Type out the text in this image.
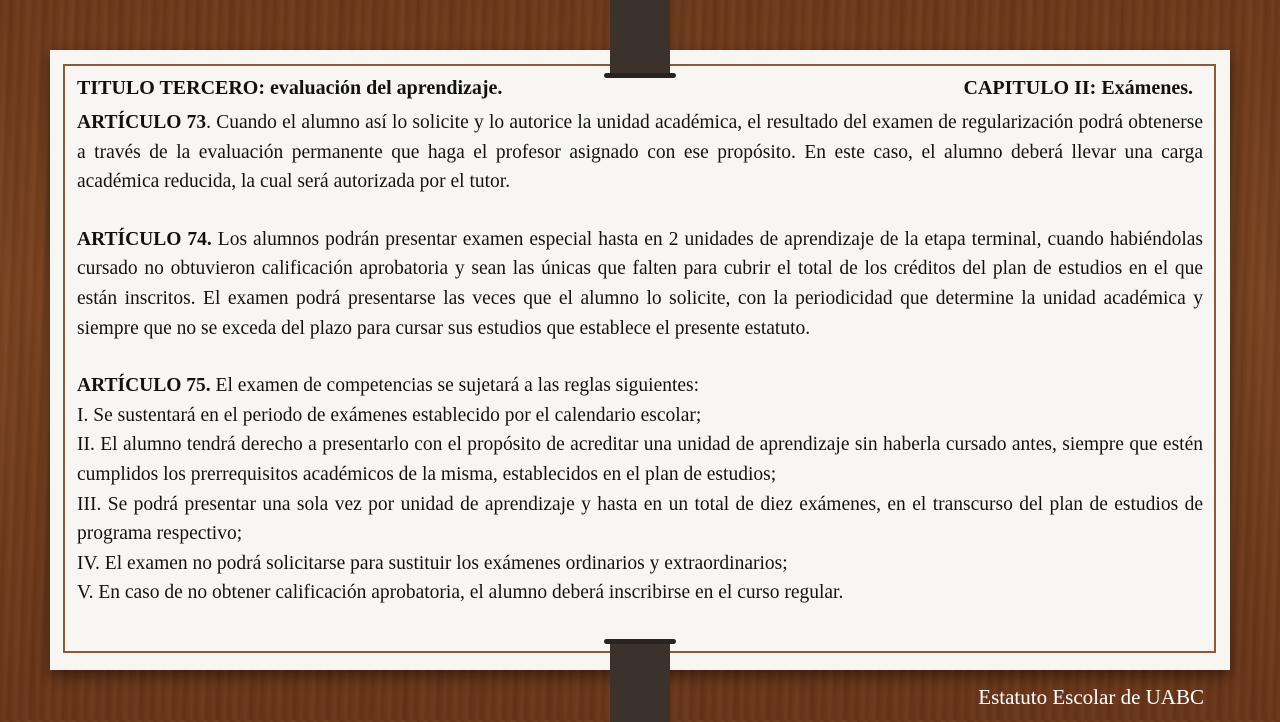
TITULO TERCERO: evaluación del aprendizaje.	CAPITULO II: Exámenes.

ARTÍCULO 73. Cuando el alumno así lo solicite y lo autorice la unidad académica, el resultado del examen de regularización podrá obtenerse a través de la evaluación permanente que haga el profesor asignado con ese propósito. En este caso, el alumno deberá llevar una carga académica reducida, la cual será autorizada por el tutor.

ARTÍCULO 74. Los alumnos podrán presentar examen especial hasta en 2 unidades de aprendizaje de la etapa terminal, cuando habiéndolas cursado no obtuvieron calificación aprobatoria y sean las únicas que falten para cubrir el total de los créditos del plan de estudios en el que están inscritos. El examen podrá presentarse las veces que el alumno lo solicite, con la periodicidad que determine la unidad académica y siempre que no se exceda del plazo para cursar sus estudios que establece el presente estatuto.

ARTÍCULO 75. El examen de competencias se sujetará a las reglas siguientes:

I. Se sustentará en el periodo de exámenes establecido por el calendario escolar;

II. El alumno tendrá derecho a presentarlo con el propósito de acreditar una unidad de aprendizaje sin haberla cursado antes, siempre que estén cumplidos los prerrequisitos académicos de la misma, establecidos en el plan de estudios;

III. Se podrá presentar una sola vez por unidad de aprendizaje y hasta en un total de diez exámenes, en el transcurso del plan de estudios de programa respectivo;

IV. El examen no podrá solicitarse para sustituir los exámenes ordinarios y extraordinarios;

V. En caso de no obtener calificación aprobatoria, el alumno deberá inscribirse en el curso regular.

Estatuto Escolar de UABC
